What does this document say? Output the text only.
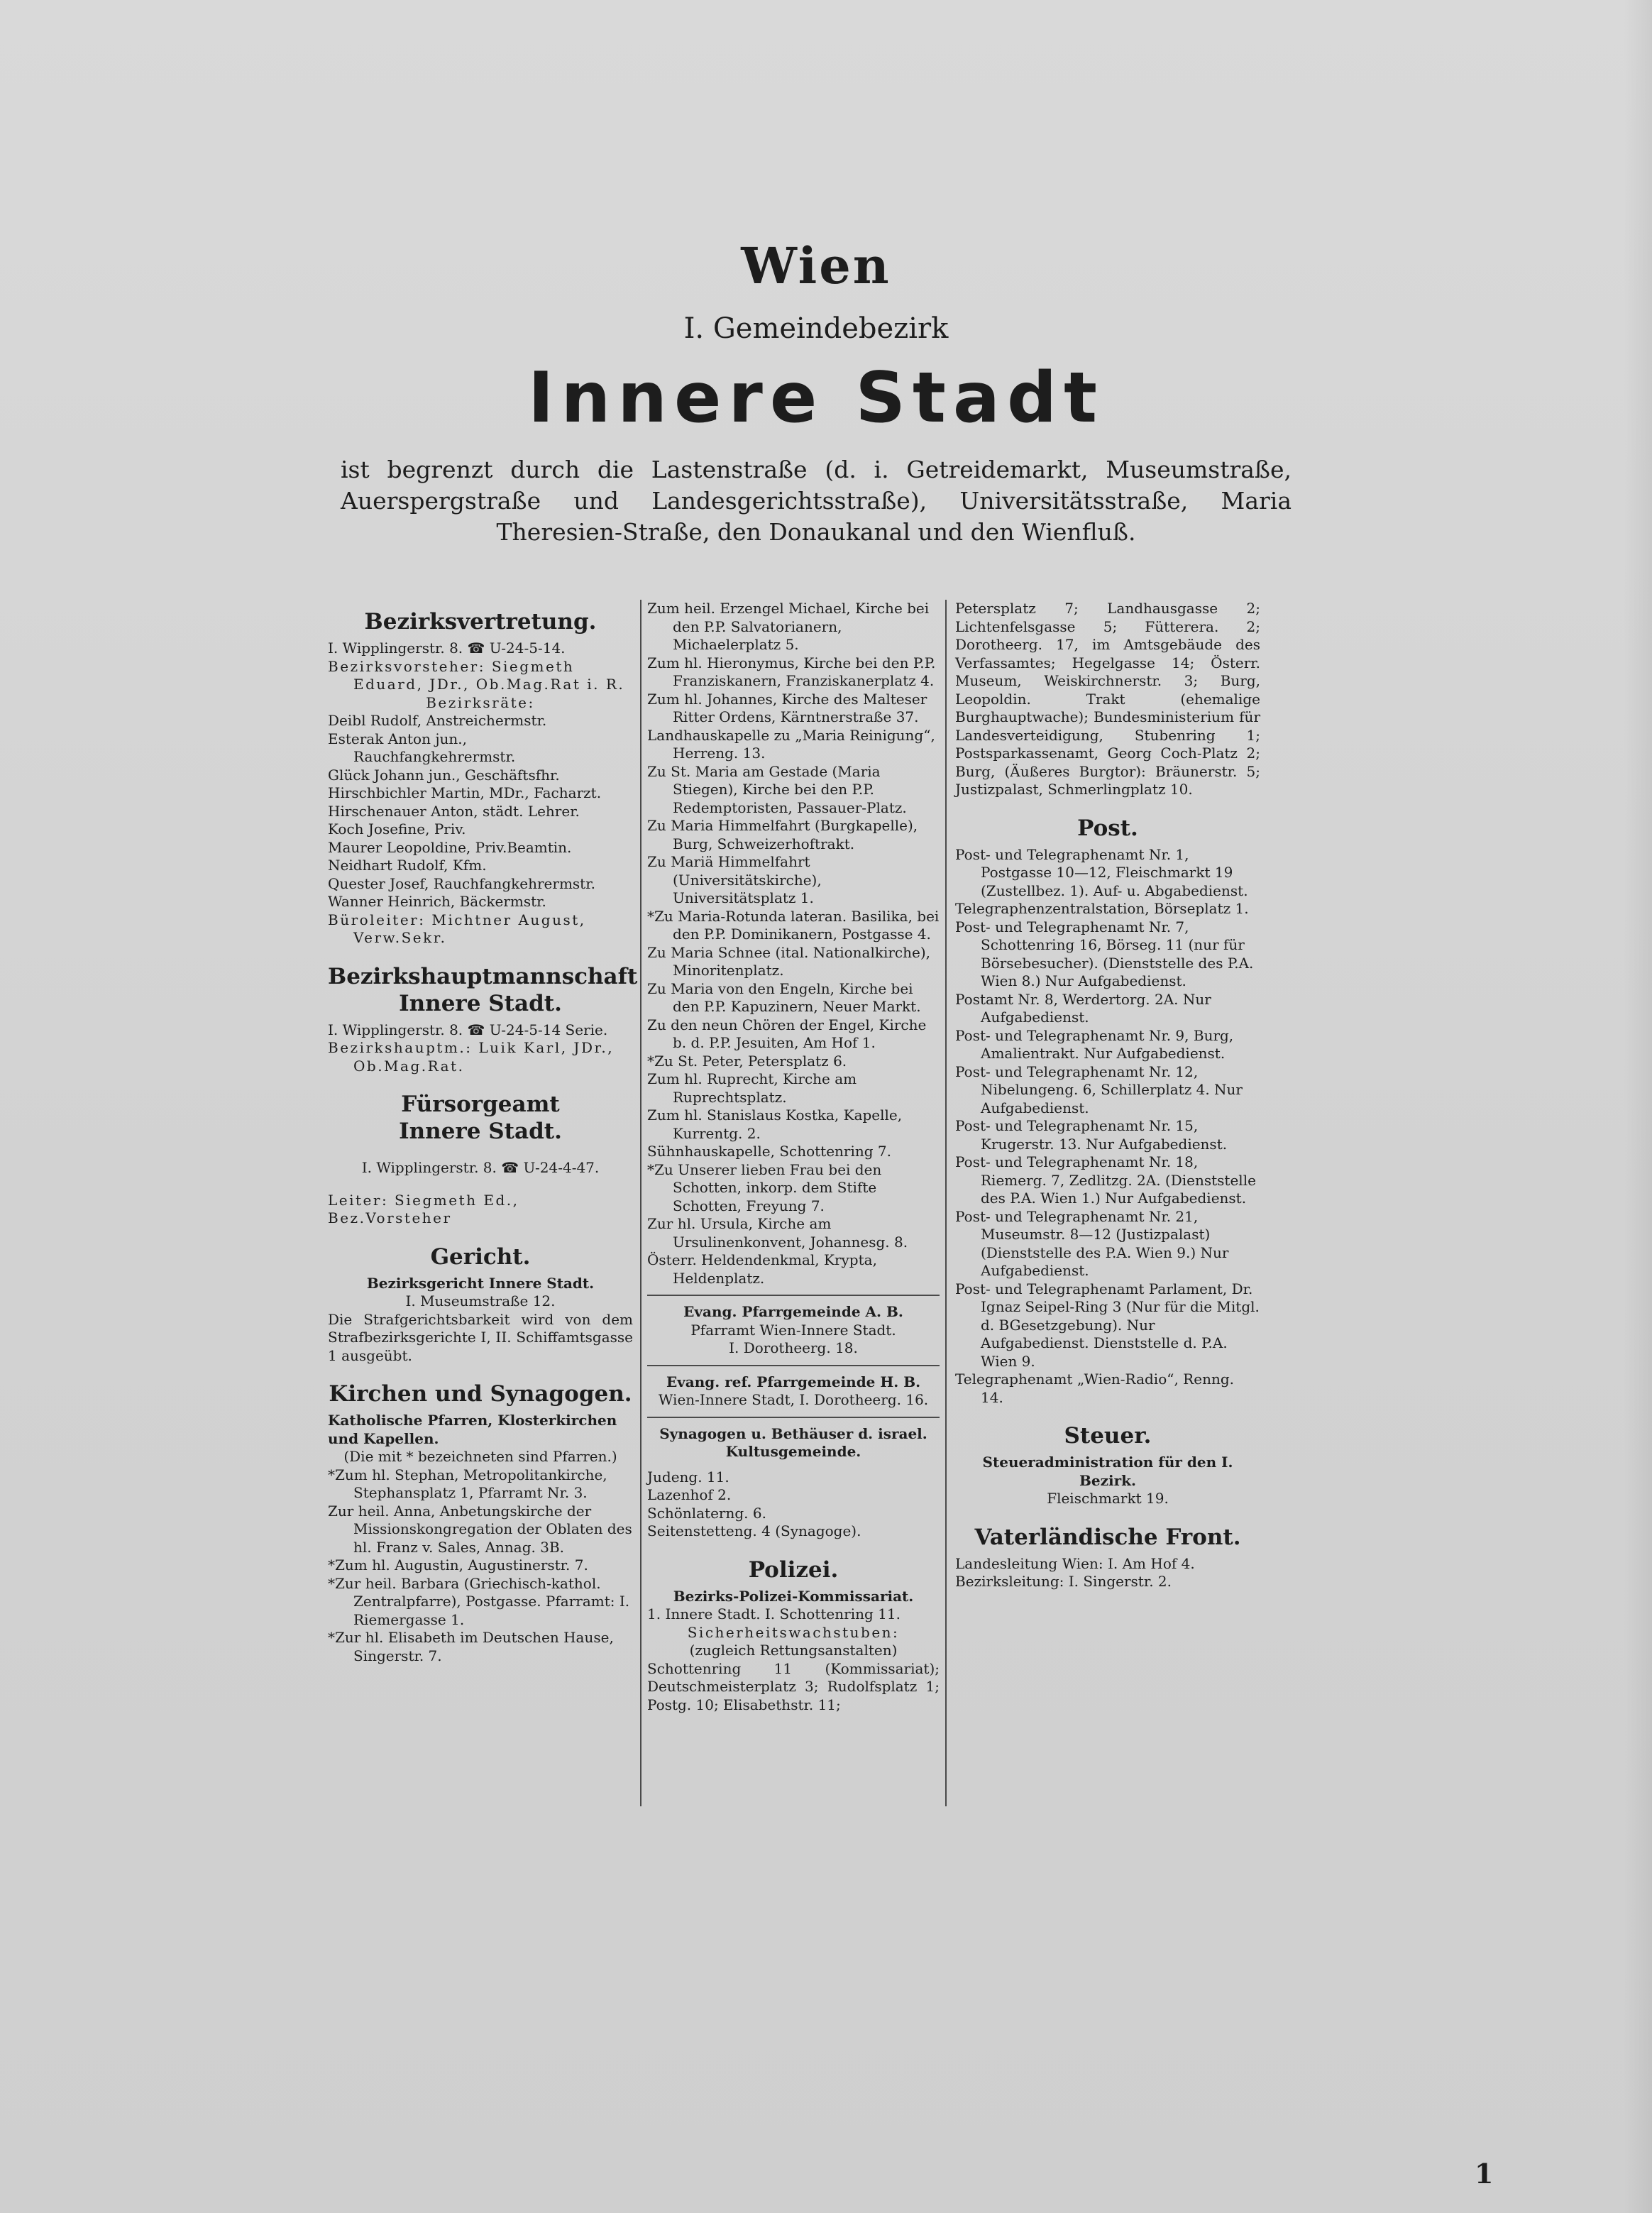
Wien
I. Gemeindebezirk
Innere Stadt
ist begrenzt durch die Lastenstraße (d. i. Getreidemarkt, Museumstraße, Auerspergstraße und Landesgerichtsstraße), Universitätsstraße, Maria Theresien-Straße, den Donaukanal und den Wienfluß.
Bezirksvertretung.

I. Wipplingerstr. 8. ☎ U-24-5-14.

Bezirksvorsteher: Siegmeth Eduard, JDr., Ob.Mag.Rat i. R.

Bezirksräte:

Deibl Rudolf, Anstreichermstr.

Esterak Anton jun., Rauchfangkehrermstr.

Glück Johann jun., Geschäftsfhr.

Hirschbichler Martin, MDr., Facharzt.

Hirschenauer Anton, städt. Lehrer.

Koch Josefine, Priv.

Maurer Leopoldine, Priv.Beamtin.

Neidhart Rudolf, Kfm.

Quester Josef, Rauchfangkehrermstr.

Wanner Heinrich, Bäckermstr.

Büroleiter: Michtner August, Verw.Sekr.

Bezirkshauptmannschaft
Innere Stadt.

I. Wipplingerstr. 8. ☎ U-24-5-14 Serie.

Bezirkshauptm.: Luik Karl, JDr., Ob.Mag.Rat.

Fürsorgeamt
Innere Stadt.

I. Wipplingerstr. 8. ☎ U-24-4-47.

Leiter: Siegmeth Ed., Bez.Vorsteher

Gericht.
Bezirksgericht Innere Stadt.
I. Museumstraße 12.

Die Strafgerichtsbarkeit wird von dem Strafbezirksgerichte I, II. Schiffamtsgasse 1 ausgeübt.

Kirchen und Synagogen.

Katholische Pfarren, Klosterkirchen und Kapellen.

(Die mit * bezeichneten sind Pfarren.)

*Zum hl. Stephan, Metropolitankirche, Stephansplatz 1, Pfarramt Nr. 3.

Zur heil. Anna, Anbetungskirche der Missionskongregation der Oblaten des hl. Franz v. Sales, Annag. 3B.

*Zum hl. Augustin, Augustinerstr. 7.

*Zur heil. Barbara (Griechisch-kathol. Zentralpfarre), Postgasse. Pfarramt: I. Riemergasse 1.

*Zur hl. Elisabeth im Deutschen Hause, Singerstr. 7.

Zum heil. Erzengel Michael, Kirche bei den P.P. Salvatorianern, Michaelerplatz 5.

Zum hl. Hieronymus, Kirche bei den P.P. Franziskanern, Franziskanerplatz 4.

Zum hl. Johannes, Kirche des Malteser Ritter Ordens, Kärntnerstraße 37.

Landhauskapelle zu „Maria Reinigung“, Herreng. 13.

Zu St. Maria am Gestade (Maria Stiegen), Kirche bei den P.P. Redemptoristen, Passauer-Platz.

Zu Maria Himmelfahrt (Burgkapelle), Burg, Schweizerhoftrakt.

Zu Mariä Himmelfahrt (Universitätskirche), Universitätsplatz 1.

*Zu Maria-Rotunda lateran. Basilika, bei den P.P. Dominikanern, Postgasse 4.

Zu Maria Schnee (ital. Nationalkirche), Minoritenplatz.

Zu Maria von den Engeln, Kirche bei den P.P. Kapuzinern, Neuer Markt.

Zu den neun Chören der Engel, Kirche b. d. P.P. Jesuiten, Am Hof 1.

*Zu St. Peter, Petersplatz 6.

Zum hl. Ruprecht, Kirche am Ruprechtsplatz.

Zum hl. Stanislaus Kostka, Kapelle, Kurrentg. 2.

Sühnhauskapelle, Schottenring 7.

*Zu Unserer lieben Frau bei den Schotten, inkorp. dem Stifte Schotten, Freyung 7.

Zur hl. Ursula, Kirche am Ursulinenkonvent, Johannesg. 8.

Österr. Heldendenkmal, Krypta, Heldenplatz.

Evang. Pfarrgemeinde A. B.
Pfarramt Wien-Innere Stadt.
I. Dorotheerg. 18.
Evang. ref. Pfarrgemeinde H. B.
Wien-Innere Stadt, I. Dorotheerg. 16.
Synagogen u. Bethäuser d. israel. Kultusgemeinde.

Judeng. 11.

Lazenhof 2.

Schönlaterng. 6.

Seitenstetteng. 4 (Synagoge).

Polizei.
Bezirks-Polizei-Kommissariat.

1. Innere Stadt. I. Schottenring 11.

Sicherheitswachstuben:
(zugleich Rettungsanstalten)

Schottenring 11 (Kommissariat); Deutschmeisterplatz 3; Rudolfsplatz 1; Postg. 10; Elisabethstr. 11;

Petersplatz 7; Landhausgasse 2; Lichtenfelsgasse 5; Fütterera. 2; Dorotheerg. 17, im Amtsgebäude des Verfassamtes; Hegelgasse 14; Österr. Museum, Weiskirchnerstr. 3; Burg, Leopoldin. Trakt (ehemalige Burghauptwache); Bundesministerium für Landesverteidigung, Stubenring 1; Postsparkassenamt, Georg Coch-Platz 2; Burg, (Äußeres Burgtor): Bräunerstr. 5; Justizpalast, Schmerlingplatz 10.

Post.

Post- und Telegraphenamt Nr. 1, Postgasse 10—12, Fleischmarkt 19 (Zustellbez. 1). Auf- u. Abgabedienst.

Telegraphenzentralstation, Börseplatz 1.

Post- und Telegraphenamt Nr. 7, Schottenring 16, Börseg. 11 (nur für Börsebesucher). (Dienststelle des P.A. Wien 8.) Nur Aufgabedienst.

Postamt Nr. 8, Werdertorg. 2A. Nur Aufgabedienst.

Post- und Telegraphenamt Nr. 9, Burg, Amalientrakt. Nur Aufgabedienst.

Post- und Telegraphenamt Nr. 12, Nibelungeng. 6, Schillerplatz 4. Nur Aufgabedienst.

Post- und Telegraphenamt Nr. 15, Krugerstr. 13. Nur Aufgabedienst.

Post- und Telegraphenamt Nr. 18, Riemerg. 7, Zedlitzg. 2A. (Dienststelle des P.A. Wien 1.) Nur Aufgabedienst.

Post- und Telegraphenamt Nr. 21, Museumstr. 8—12 (Justizpalast) (Dienststelle des P.A. Wien 9.) Nur Aufgabedienst.

Post- und Telegraphenamt Parlament, Dr. Ignaz Seipel-Ring 3 (Nur für die Mitgl. d. BGesetzgebung). Nur Aufgabedienst. Dienststelle d. P.A. Wien 9.

Telegraphenamt „Wien-Radio“, Renng. 14.

Steuer.
Steueradministration für den I. Bezirk.
Fleischmarkt 19.
Vaterländische Front.

Landesleitung Wien: I. Am Hof 4.

Bezirksleitung: I. Singerstr. 2.

1
